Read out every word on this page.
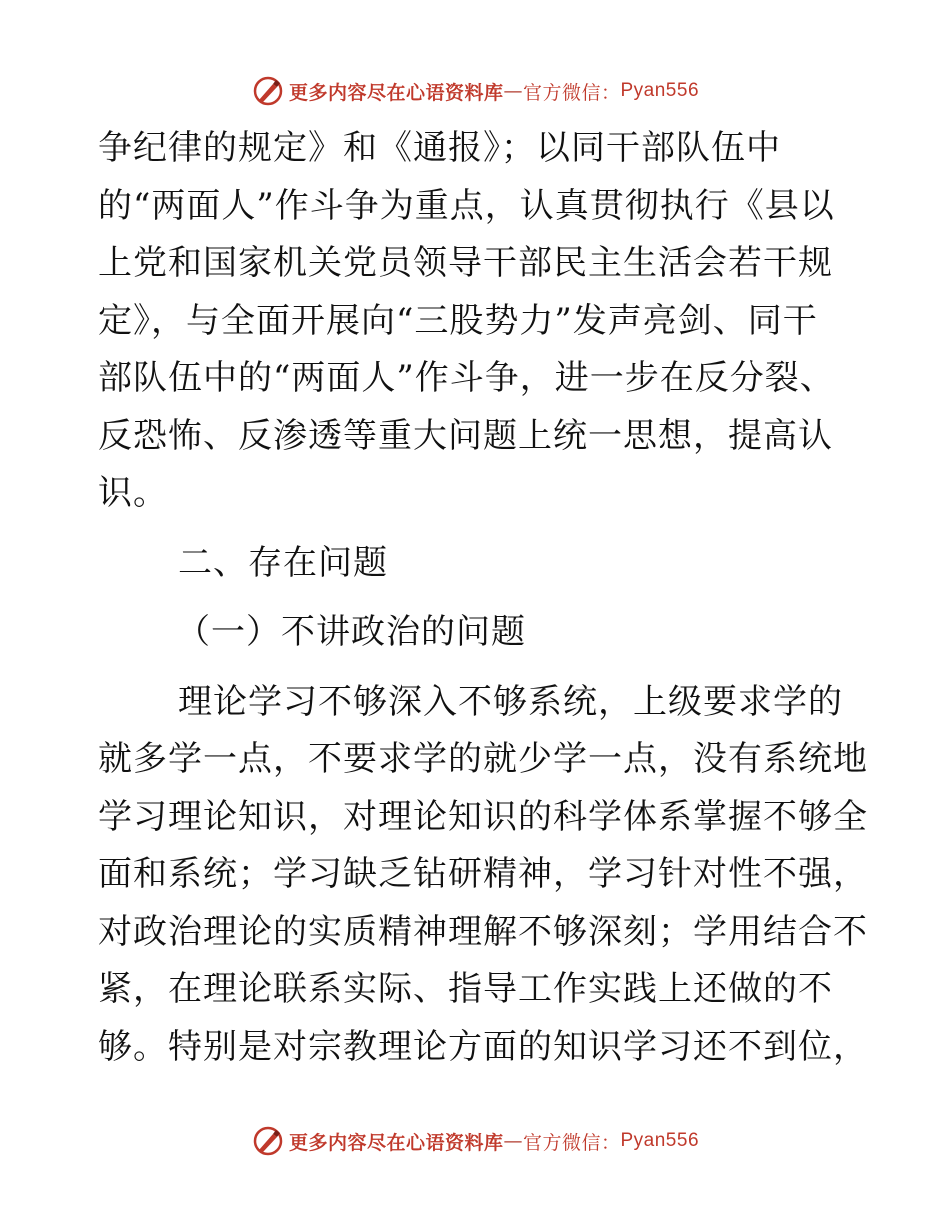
更多内容尽在心语资料库 — 官方微信： Pyan556
争纪律的规定》和《通报》；以同干部队伍中
的“两面人”作斗争为重点，认真贯彻执行《县以
上党和国家机关党员领导干部民主生活会若干规
定》，与全面开展向“三股势力”发声亮剑、同干
部队伍中的“两面人”作斗争，进一步在反分裂、
反恐怖、反渗透等重大问题上统一思想，提高认
识。
二、存在问题
（一）不讲政治的问题
理论学习不够深入不够系统，上级要求学的
就多学一点，不要求学的就少学一点，没有系统地
学习理论知识，对理论知识的科学体系掌握不够全
面和系统；学习缺乏钻研精神，学习针对性不强，
对政治理论的实质精神理解不够深刻；学用结合不
紧，在理论联系实际、指导工作实践上还做的不
够。特别是对宗教理论方面的知识学习还不到位，
更多内容尽在心语资料库 — 官方微信： Pyan556
